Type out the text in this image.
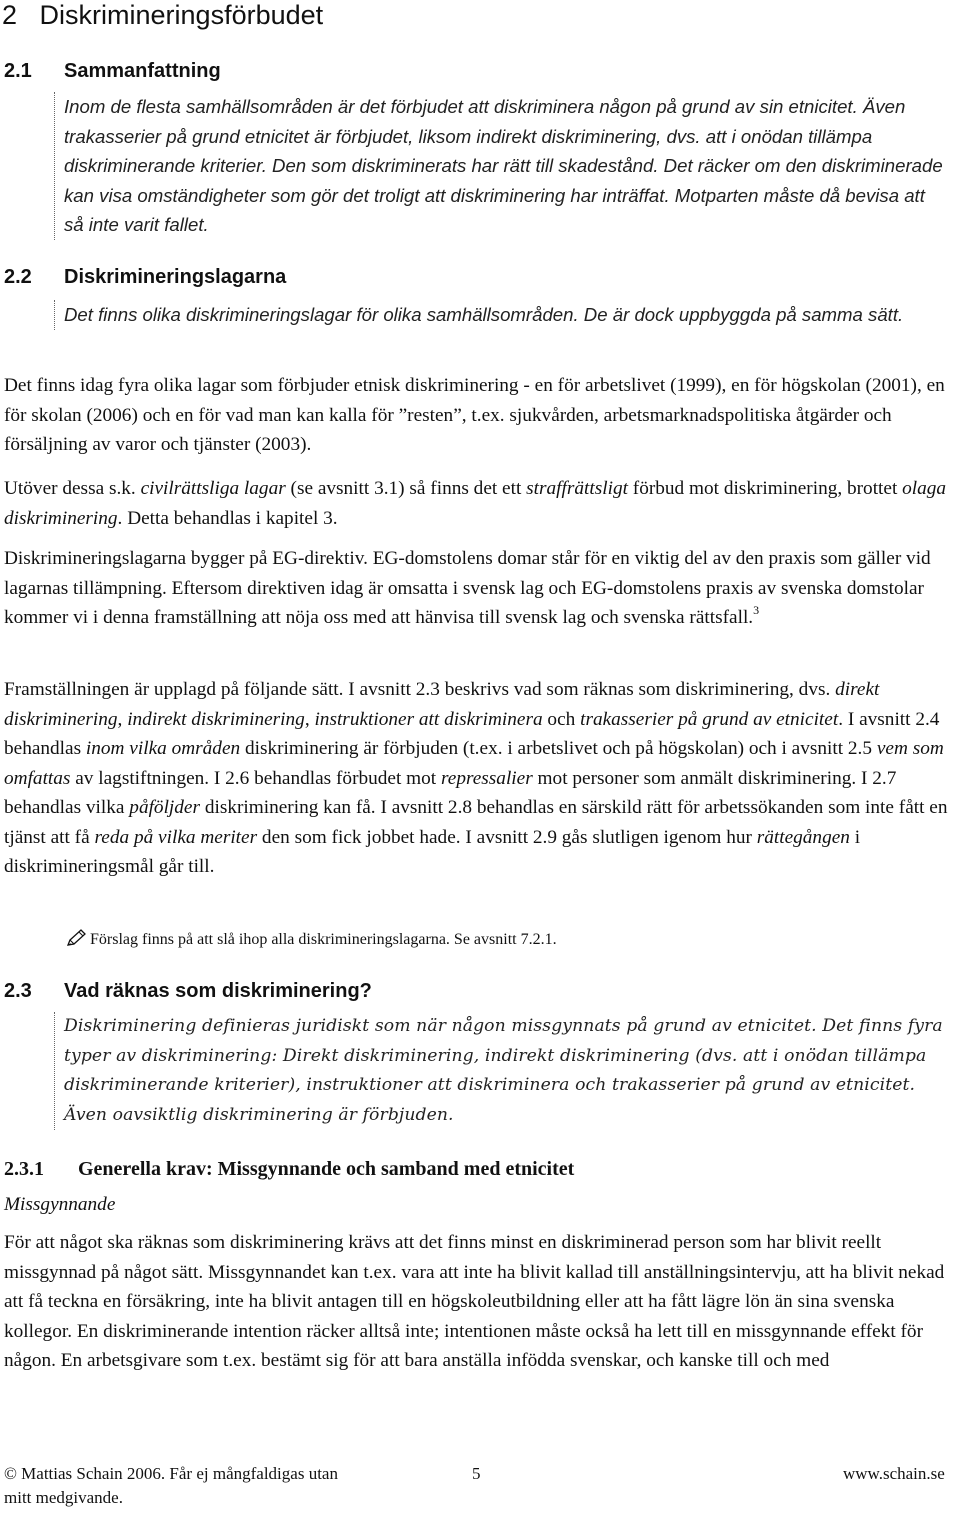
2 Diskrimineringsförbudet
2.1 Sammanfattning

Inom de flesta samhällsområden är det förbjudet att diskriminera någon på grund av sin etnicitet. Även trakasserier på grund etnicitet är förbjudet, liksom indirekt diskriminering, dvs. att i onödan tillämpa diskriminerande kriterier. Den som diskriminerats har rätt till skadestånd. Det räcker om den diskriminerade kan visa omständigheter som gör det troligt att diskriminering har inträffat. Motparten måste då bevisa att så inte varit fallet.

2.2 Diskrimineringslagarna

Det finns olika diskrimineringslagar för olika samhällsområden. De är dock uppbyggda på samma sätt.

Det finns idag fyra olika lagar som förbjuder etnisk diskriminering - en för arbetslivet (1999), en för högskolan (2001), en för skolan (2006) och en för vad man kan kalla för ”resten”, t.ex. sjukvården, arbetsmarknadspolitiska åtgärder och försäljning av varor och tjänster (2003).

Utöver dessa s.k. civilrättsliga lagar (se avsnitt 3.1) så finns det ett straffrättsligt förbud mot diskriminering, brottet olaga diskriminering. Detta behandlas i kapitel 3.

Diskrimineringslagarna bygger på EG-direktiv. EG-domstolens domar står för en viktig del av den praxis som gäller vid lagarnas tillämpning. Eftersom direktiven idag är omsatta i svensk lag och EG-domstolens praxis av svenska domstolar kommer vi i denna framställning att nöja oss med att hänvisa till svensk lag och svenska rättsfall.$^3$

Framställningen är upplagd på följande sätt. I avsnitt 2.3 beskrivs vad som räknas som diskriminering, dvs. direkt diskriminering, indirekt diskriminering, instruktioner att diskriminera och trakasserier på grund av etnicitet. I avsnitt 2.4 behandlas inom vilka områden diskriminering är förbjuden (t.ex. i arbetslivet och på högskolan) och i avsnitt 2.5 vem som omfattas av lagstiftningen. I 2.6 behandlas förbudet mot repressalier mot personer som anmält diskriminering. I 2.7 behandlas vilka påföljder diskriminering kan få. I avsnitt 2.8 behandlas en särskild rätt för arbetssökanden som inte fått en tjänst att få reda på vilka meriter den som fick jobbet hade. I avsnitt 2.9 gås slutligen igenom hur rättegången i diskrimineringsmål går till.

Förslag finns på att slå ihop alla diskrimineringslagarna. Se avsnitt 7.2.1.

2.3 Vad räknas som diskriminering?

Diskriminering definieras juridiskt som när någon missgynnats på grund av etnicitet. Det finns fyra typer av diskriminering: Direkt diskriminering, indirekt diskriminering (dvs. att i onödan tillämpa diskriminerande kriterier), instruktioner att diskriminera och trakasserier på grund av etnicitet. Även oavsiktlig diskriminering är förbjuden.

2.3.1 Generella krav: Missgynnande och samband med etnicitet

Missgynnande

För att något ska räknas som diskriminering krävs att det finns minst en diskriminerad person som har blivit reellt missgynnad på något sätt. Missgynnandet kan t.ex. vara att inte ha blivit kallad till anställningsintervju, att ha blivit nekad att få teckna en försäkring, inte ha blivit antagen till en högskoleutbildning eller att ha fått lägre lön än sina svenska kollegor. En diskriminerande intention räcker alltså inte; intentionen måste också ha lett till en missgynnande effekt för någon. En arbetsgivare som t.ex. bestämt sig för att bara anställa infödda svenskar, och kanske till och med

© Mattias Schain 2006. Får ej mångfaldigas utan
mitt medgivande.

5	www.schain.se
